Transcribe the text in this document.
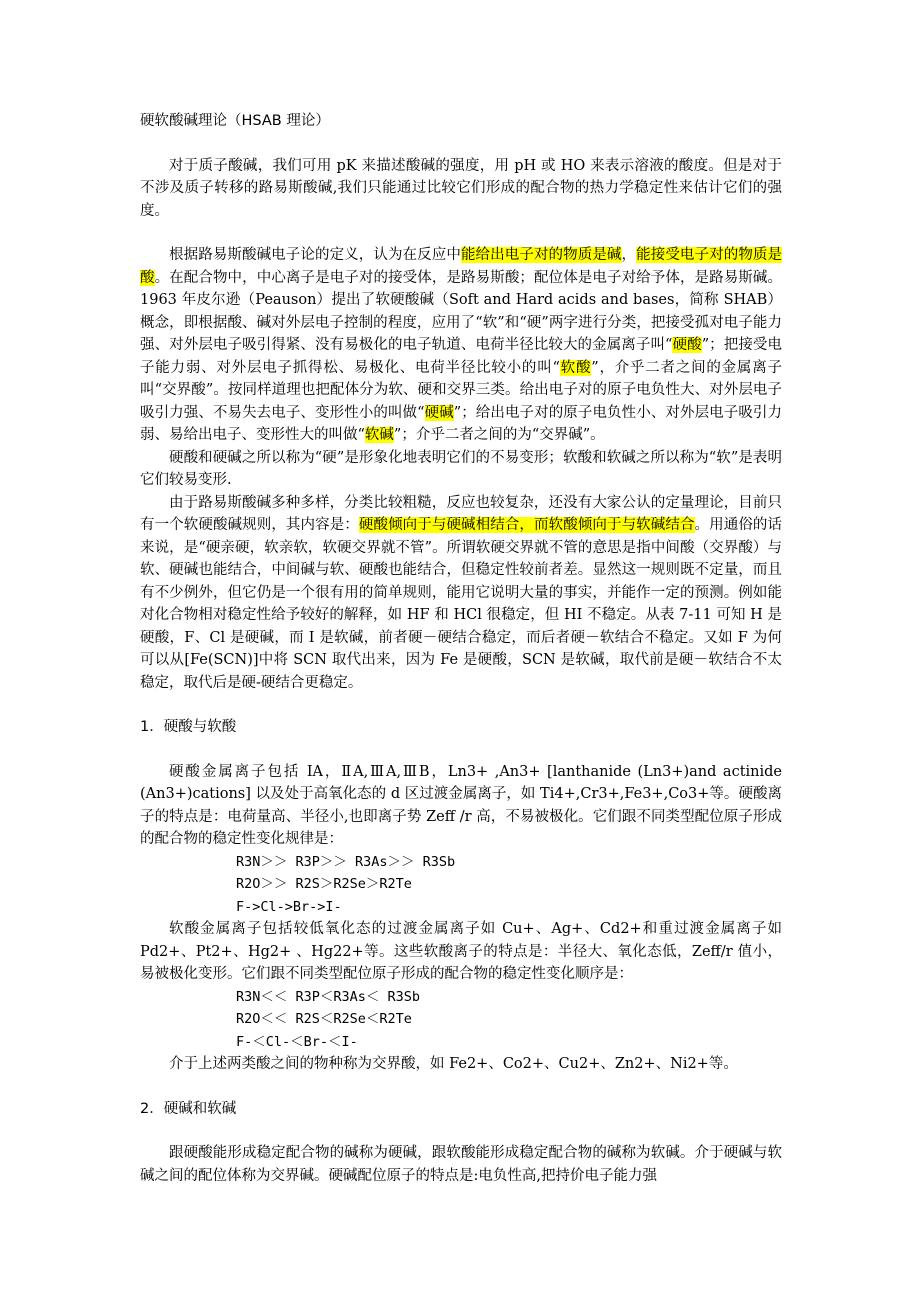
硬软酸碱理论（HSAB 理论）

对于质子酸碱，我们可用 pK 来描述酸碱的强度，用 pH 或 HO 来表示溶液的酸度。但是对于不涉及质子转移的路易斯酸碱,我们只能通过比较它们形成的配合物的热力学稳定性来估计它们的强度。

根据路易斯酸碱电子论的定义，认为在反应中能给出电子对的物质是碱，能接受电子对的物质是酸。在配合物中，中心离子是电子对的接受体，是路易斯酸；配位体是电子对给予体，是路易斯碱。1963 年皮尔逊（Peauson）提出了软硬酸碱（Soft and Hard acids and bases，简称 SHAB）概念，即根据酸、碱对外层电子控制的程度，应用了“软”和“硬”两字进行分类，把接受孤对电子能力强、对外层电子吸引得紧、没有易极化的电子轨道、电荷半径比较大的金属离子叫“硬酸”；把接受电子能力弱、对外层电子抓得松、易极化、电荷半径比较小的叫“软酸”，介乎二者之间的金属离子叫“交界酸”。按同样道理也把配体分为软、硬和交界三类。给出电子对的原子电负性大、对外层电子吸引力强、不易失去电子、变形性小的叫做“硬碱”；给出电子对的原子电负性小、对外层电子吸引力弱、易给出电子、变形性大的叫做“软碱”；介乎二者之间的为“交界碱”。

硬酸和硬碱之所以称为“硬”是形象化地表明它们的不易变形；软酸和软碱之所以称为“软”是表明它们较易变形.

由于路易斯酸碱多种多样，分类比较粗糙，反应也较复杂，还没有大家公认的定量理论，目前只有一个软硬酸碱规则，其内容是：硬酸倾向于与硬碱相结合，而软酸倾向于与软碱结合。用通俗的话来说，是“硬亲硬，软亲软，软硬交界就不管”。所谓软硬交界就不管的意思是指中间酸（交界酸）与软、硬碱也能结合，中间碱与软、硬酸也能结合，但稳定性较前者差。显然这一规则既不定量，而且有不少例外，但它仍是一个很有用的简单规则，能用它说明大量的事实，并能作一定的预测。例如能对化合物相对稳定性给予较好的解释，如 HF 和 HCl 很稳定，但 HI 不稳定。从表 7-11 可知 H 是硬酸，F、Cl 是硬碱，而 I 是软碱，前者硬－硬结合稳定，而后者硬－软结合不稳定。又如 F 为何可以从[Fe(SCN)]中将 SCN 取代出来，因为 Fe 是硬酸，SCN 是软碱，取代前是硬－软结合不太稳定，取代后是硬-硬结合更稳定。

1．硬酸与软酸

硬酸金属离子包括 IA，ⅡA,ⅢA,ⅢB，Ln3+ ,An3+ [lanthanide (Ln3+)and actinide (An3+)cations] 以及处于高氧化态的 d 区过渡金属离子，如 Ti4+,Cr3+,Fe3+,Co3+等。硬酸离子的特点是：电荷量高、半径小,也即离子势 Zeff /r 高，不易被极化。它们跟不同类型配位原子形成的配合物的稳定性变化规律是：

R3N＞＞ R3P＞＞ R3As＞＞ R3Sb

R2O＞＞ R2S＞R2Se＞R2Te

F->Cl->Br->I-

软酸金属离子包括较低氧化态的过渡金属离子如 Cu+、Ag+、Cd2+和重过渡金属离子如 Pd2+、Pt2+、Hg2+ 、Hg22+等。这些软酸离子的特点是：半径大、氧化态低，Zeff/r 值小，易被极化变形。它们跟不同类型配位原子形成的配合物的稳定性变化顺序是：

R3N＜＜ R3P＜R3As＜ R3Sb

R2O＜＜ R2S＜R2Se＜R2Te

F-＜Cl-＜Br-＜I-

介于上述两类酸之间的物种称为交界酸，如 Fe2+、Co2+、Cu2+、Zn2+、Ni2+等。

2．硬碱和软碱

跟硬酸能形成稳定配合物的碱称为硬碱，跟软酸能形成稳定配合物的碱称为软碱。介于硬碱与软碱之间的配位体称为交界碱。硬碱配位原子的特点是:电负性高,把持价电子能力强
